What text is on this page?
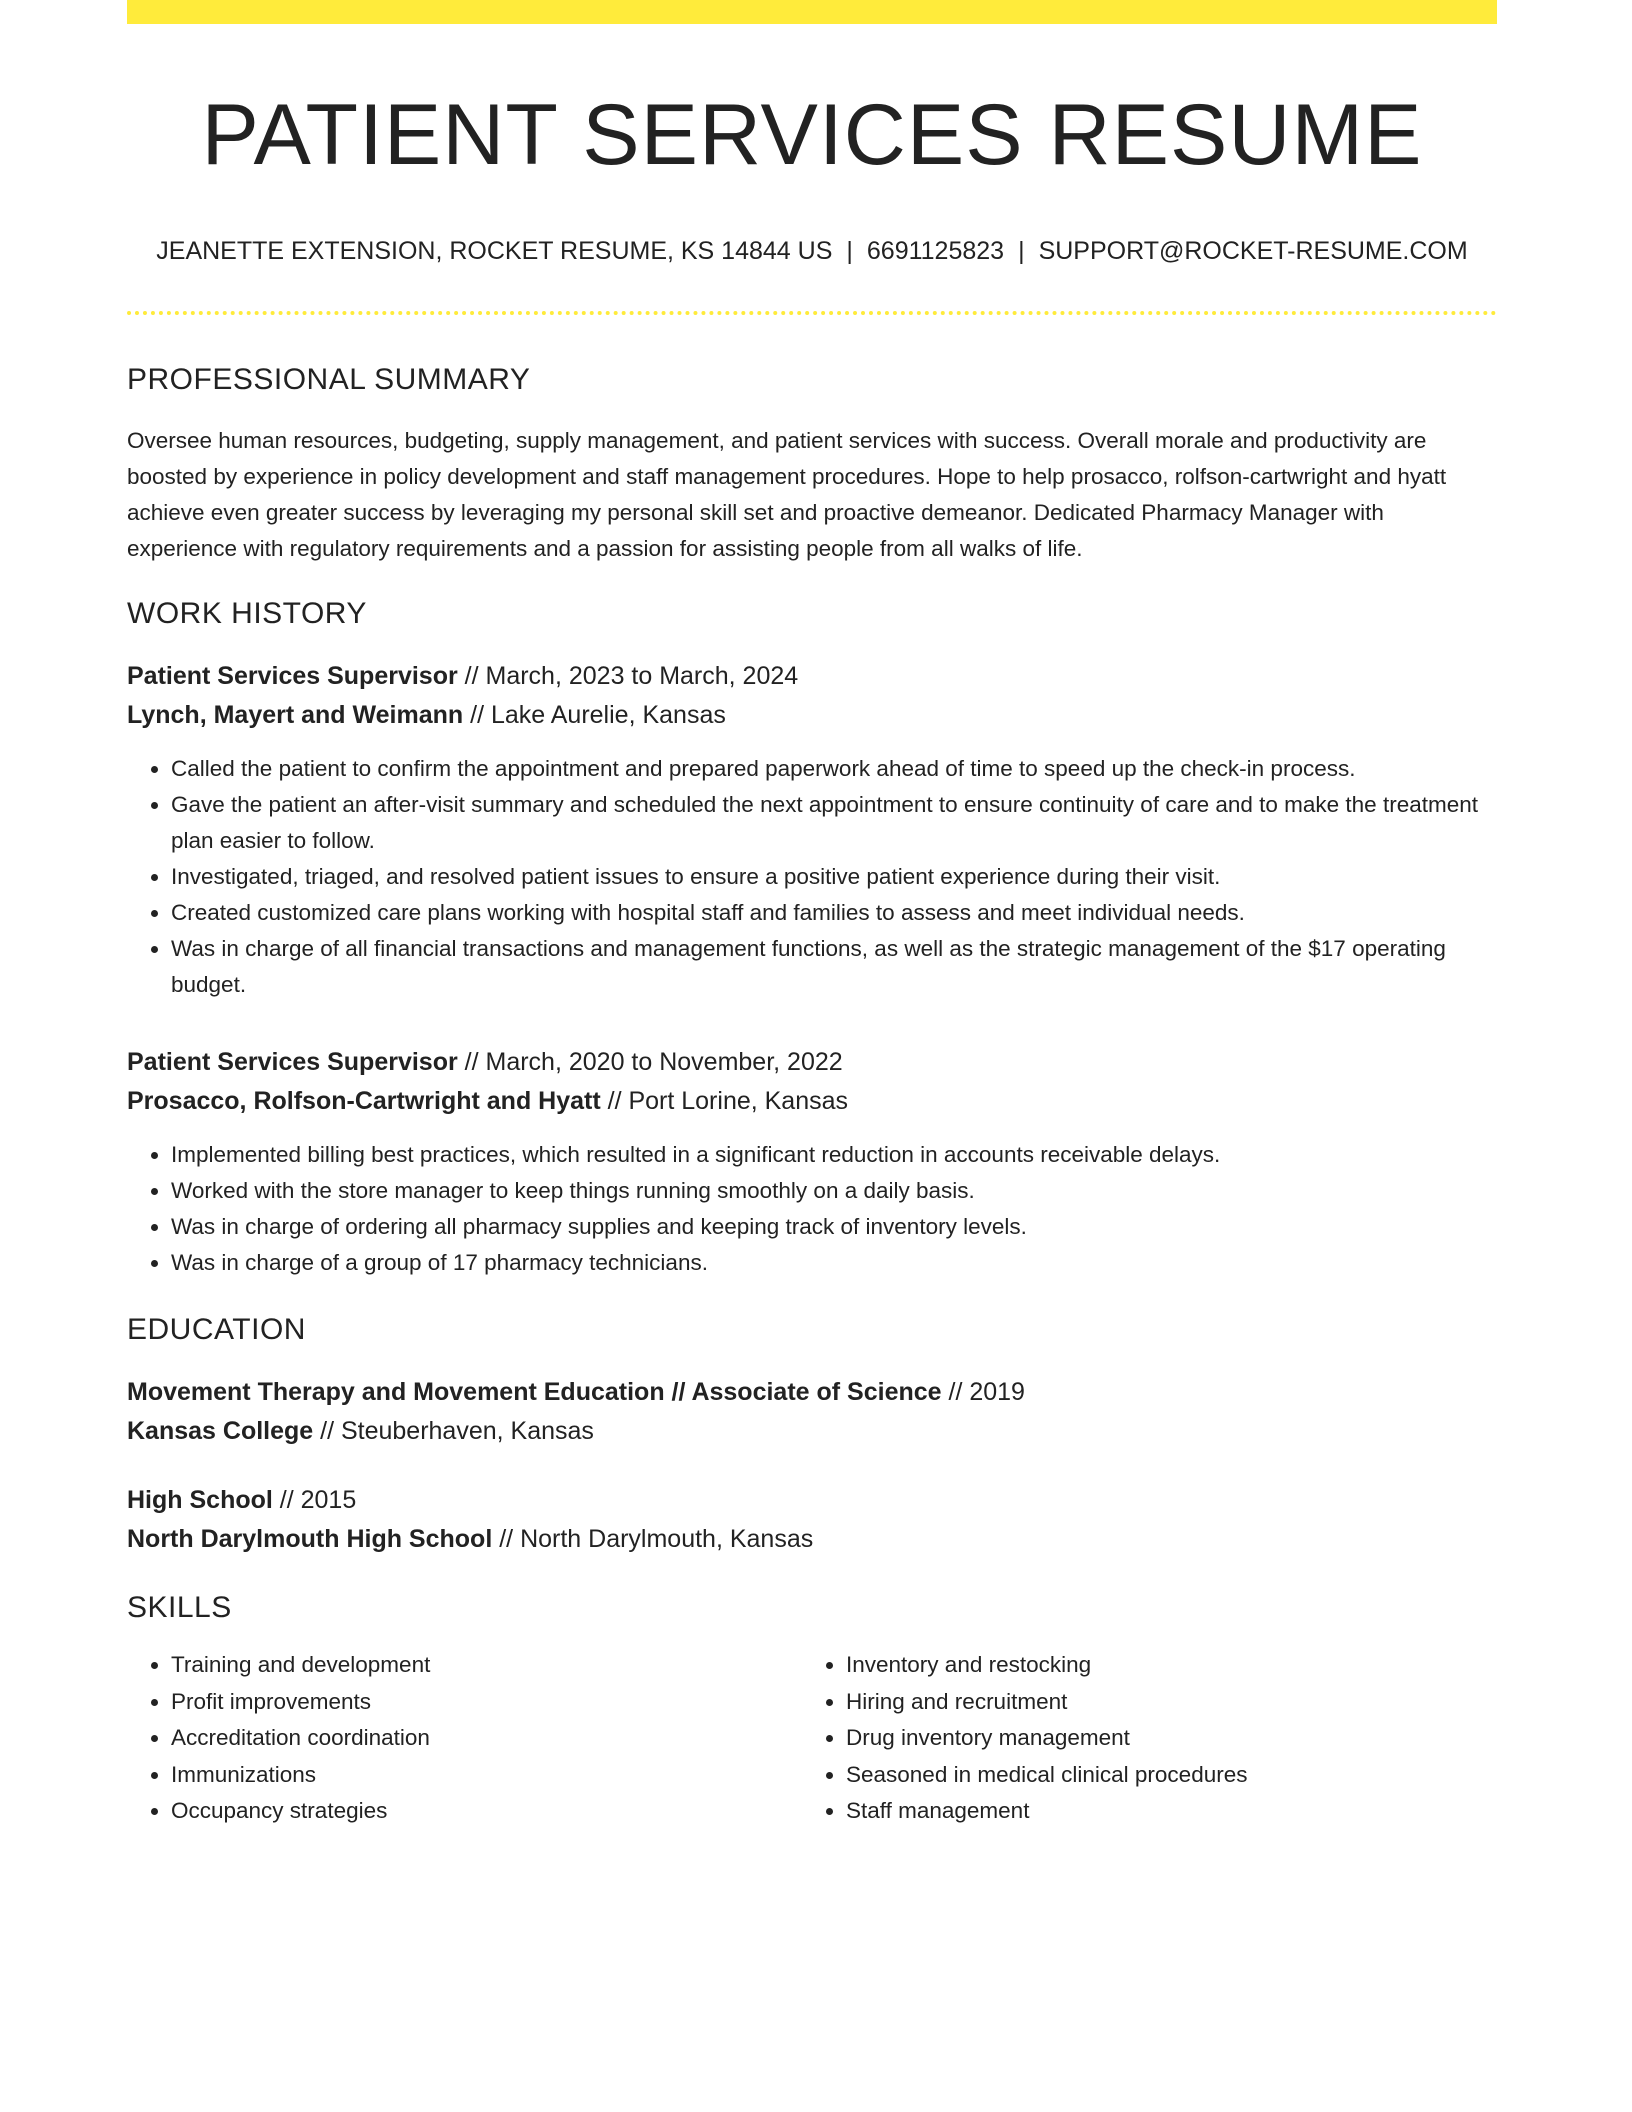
PATIENT SERVICES RESUME
JEANETTE EXTENSION, ROCKET RESUME, KS 14844 US | 6691125823 | SUPPORT@ROCKET-RESUME.COM
PROFESSIONAL SUMMARY

Oversee human resources, budgeting, supply management, and patient services with success. Overall morale and productivity are boosted by experience in policy development and staff management procedures. Hope to help prosacco, rolfson-cartwright and hyatt achieve even greater success by leveraging my personal skill set and proactive demeanor. Dedicated Pharmacy Manager with experience with regulatory requirements and a passion for assisting people from all walks of life.

WORK HISTORY
Patient Services Supervisor // March, 2023 to March, 2024
Lynch, Mayert and Weimann // Lake Aurelie, Kansas
• Called the patient to confirm the appointment and prepared paperwork ahead of time to speed up the check-in process.
• Gave the patient an after-visit summary and scheduled the next appointment to ensure continuity of care and to make the treatment plan easier to follow.
• Investigated, triaged, and resolved patient issues to ensure a positive patient experience during their visit.
• Created customized care plans working with hospital staff and families to assess and meet individual needs.
• Was in charge of all financial transactions and management functions, as well as the strategic management of the $17 operating budget.
Patient Services Supervisor // March, 2020 to November, 2022
Prosacco, Rolfson-Cartwright and Hyatt // Port Lorine, Kansas
• Implemented billing best practices, which resulted in a significant reduction in accounts receivable delays.
• Worked with the store manager to keep things running smoothly on a daily basis.
• Was in charge of ordering all pharmacy supplies and keeping track of inventory levels.
• Was in charge of a group of 17 pharmacy technicians.
EDUCATION
Movement Therapy and Movement Education // Associate of Science // 2019
Kansas College // Steuberhaven, Kansas
High School // 2015
North Darylmouth High School // North Darylmouth, Kansas
SKILLS
• Training and development
• Profit improvements
• Accreditation coordination
• Immunizations
• Occupancy strategies
• Inventory and restocking
• Hiring and recruitment
• Drug inventory management
• Seasoned in medical clinical procedures
• Staff management
